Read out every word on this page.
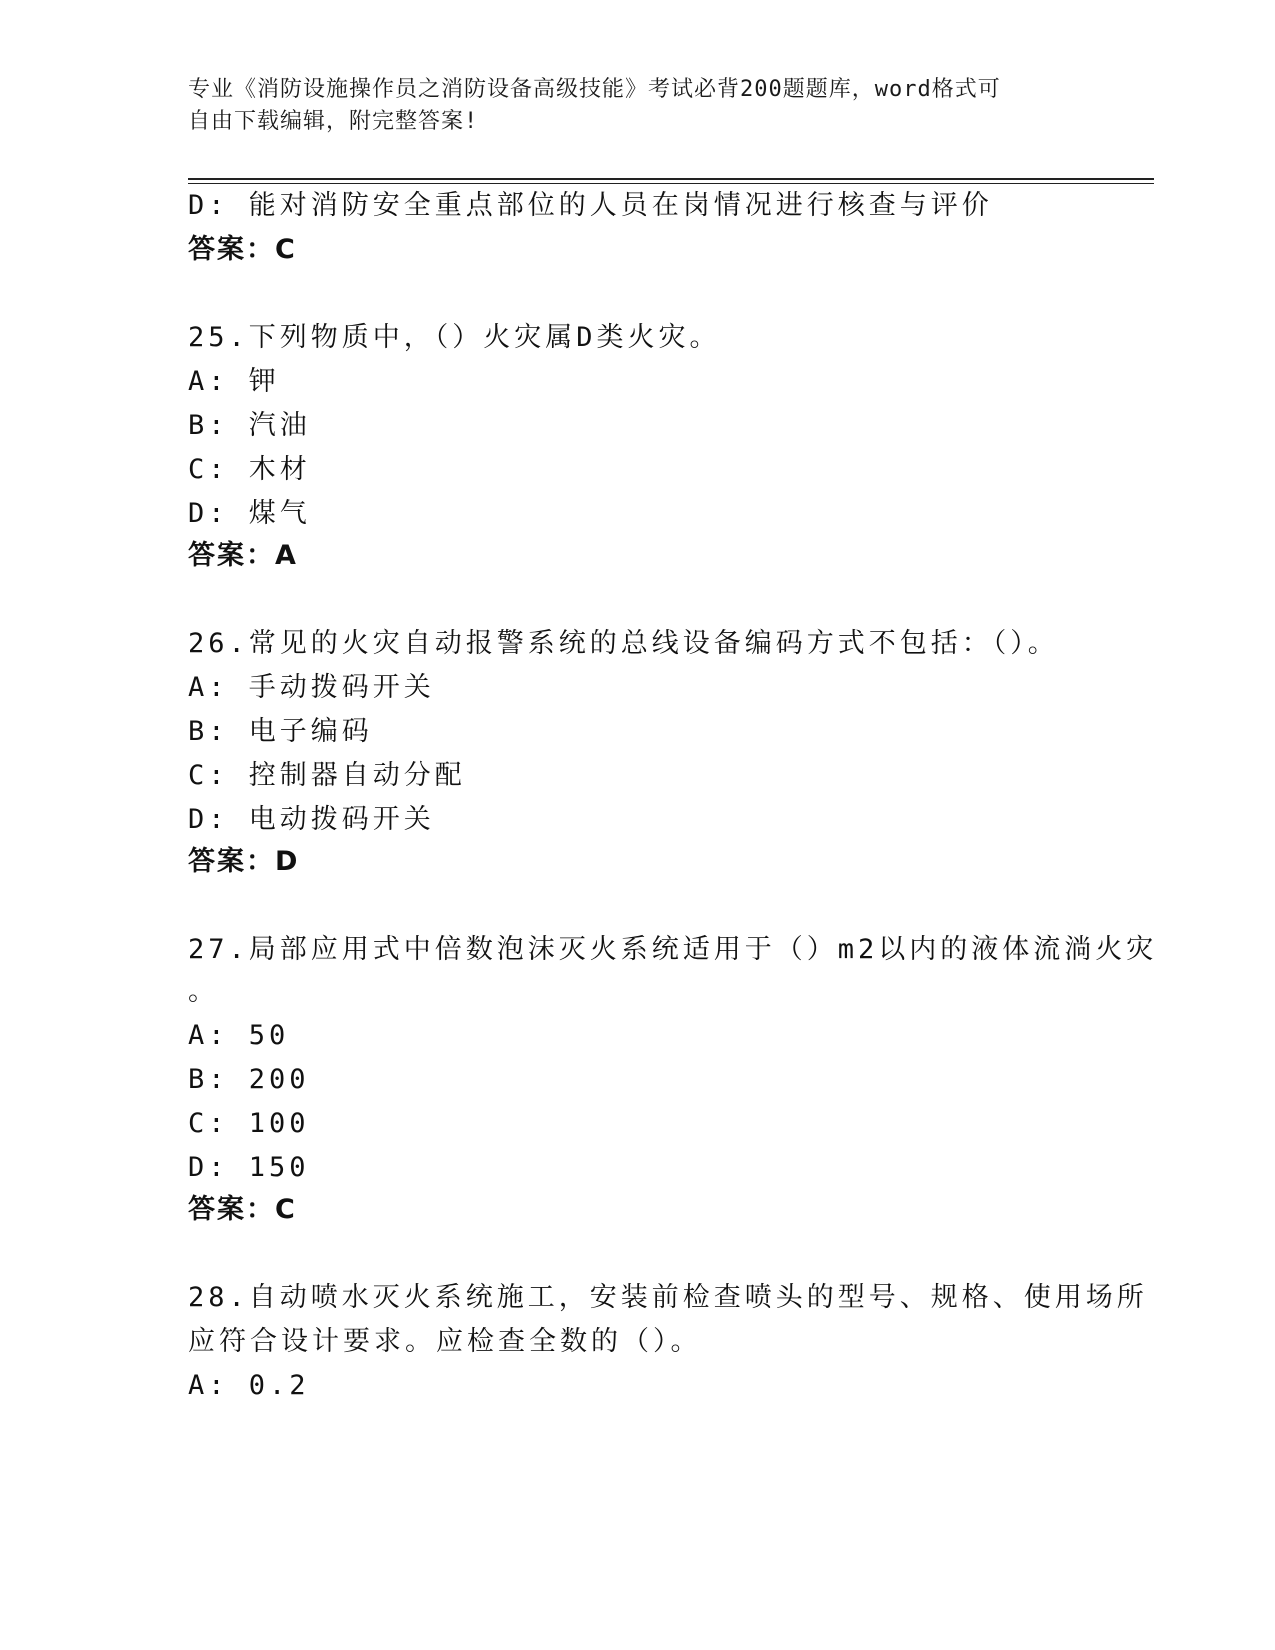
专业《消防设施操作员之消防设备高级技能》考试必背200题题库，word格式可
自由下载编辑，附完整答案!
D: 能对消防安全重点部位的人员在岗情况进行核查与评价
答案：C
25.下列物质中，（）火灾属D类火灾。
A: 钾
B: 汽油
C: 木材
D: 煤气
答案：A
26.常见的火灾自动报警系统的总线设备编码方式不包括：（）。
A: 手动拨码开关
B: 电子编码
C: 控制器自动分配
D: 电动拨码开关
答案：D
27.局部应用式中倍数泡沫灭火系统适用于（）m2以内的液体流淌火灾
。
A: 50
B: 200
C: 100
D: 150
答案：C
28.自动喷水灭火系统施工，安装前检查喷头的型号、规格、使用场所
应符合设计要求。应检查全数的（）。
A: 0.2
